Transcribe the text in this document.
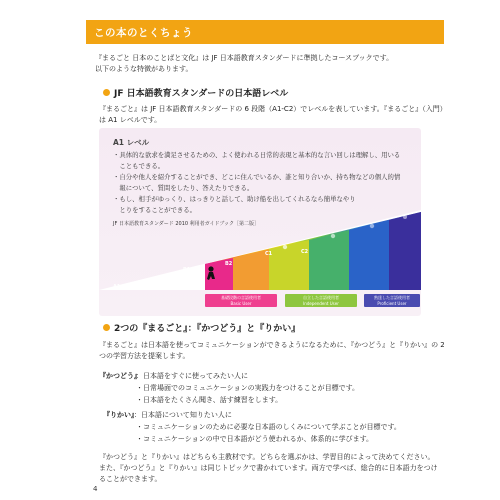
この本のとくちょう
『まるごと 日本のことばと文化』は JF 日本語教育スタンダードに準拠したコースブックです。
以下のような特徴があります。
JF 日本語教育スタンダードの日本語レベル
『まるごと』は JF 日本語教育スタンダードの 6 段階（A1-C2）でレベルを表しています。『まるごと』（入門）
は A1 レベルです。
A1 レベル
・具体的な欲求を満足させるための、よく使われる日常的表現と基本的な言い回しは理解し、用いる
　こともできる。
・自分や他人を紹介することができ、どこに住んでいるか、誰と知り合いか、持ち物などの個人的情
　報について、質問をしたり、答えたりできる。
・もし、相手がゆっくり、はっきりと話して、助け船を出してくれるなら簡単なやり
　とりをすることができる。
JF 日本語教育スタンダード 2010 利用者ガイドブック［第二版］
A1
A2
B1
B2
C1	C2
基礎段階の言語使用者
Basic User
自立した言語使用者
Independent User
熟達した言語使用者
Proficient User
2つの『まるごと』：『かつどう』と『りかい』
『まるごと』は日本語を使ってコミュニケーションができるようになるために、『かつどう』と『りかい』の 2
つの学習方法を提案します。
『かつどう』
：日本語をすぐに使ってみたい人に
・日常場面でのコミュニケーションの実践力をつけることが目標です。
・日本語をたくさん聞き、話す練習をします。
『りかい』
：日本語について知りたい人に
・コミュニケーションのために必要な日本語のしくみについて学ぶことが目標です。
・コミュニケーションの中で日本語がどう使われるか、体系的に学びます。
『かつどう』と『りかい』はどちらも主教材です。どちらを選ぶかは、学習目的によって決めてください。
また、『かつどう』と『りかい』は同じトピックで書かれています。両方で学べば、総合的に日本語力をつけ
ることができます。
4
